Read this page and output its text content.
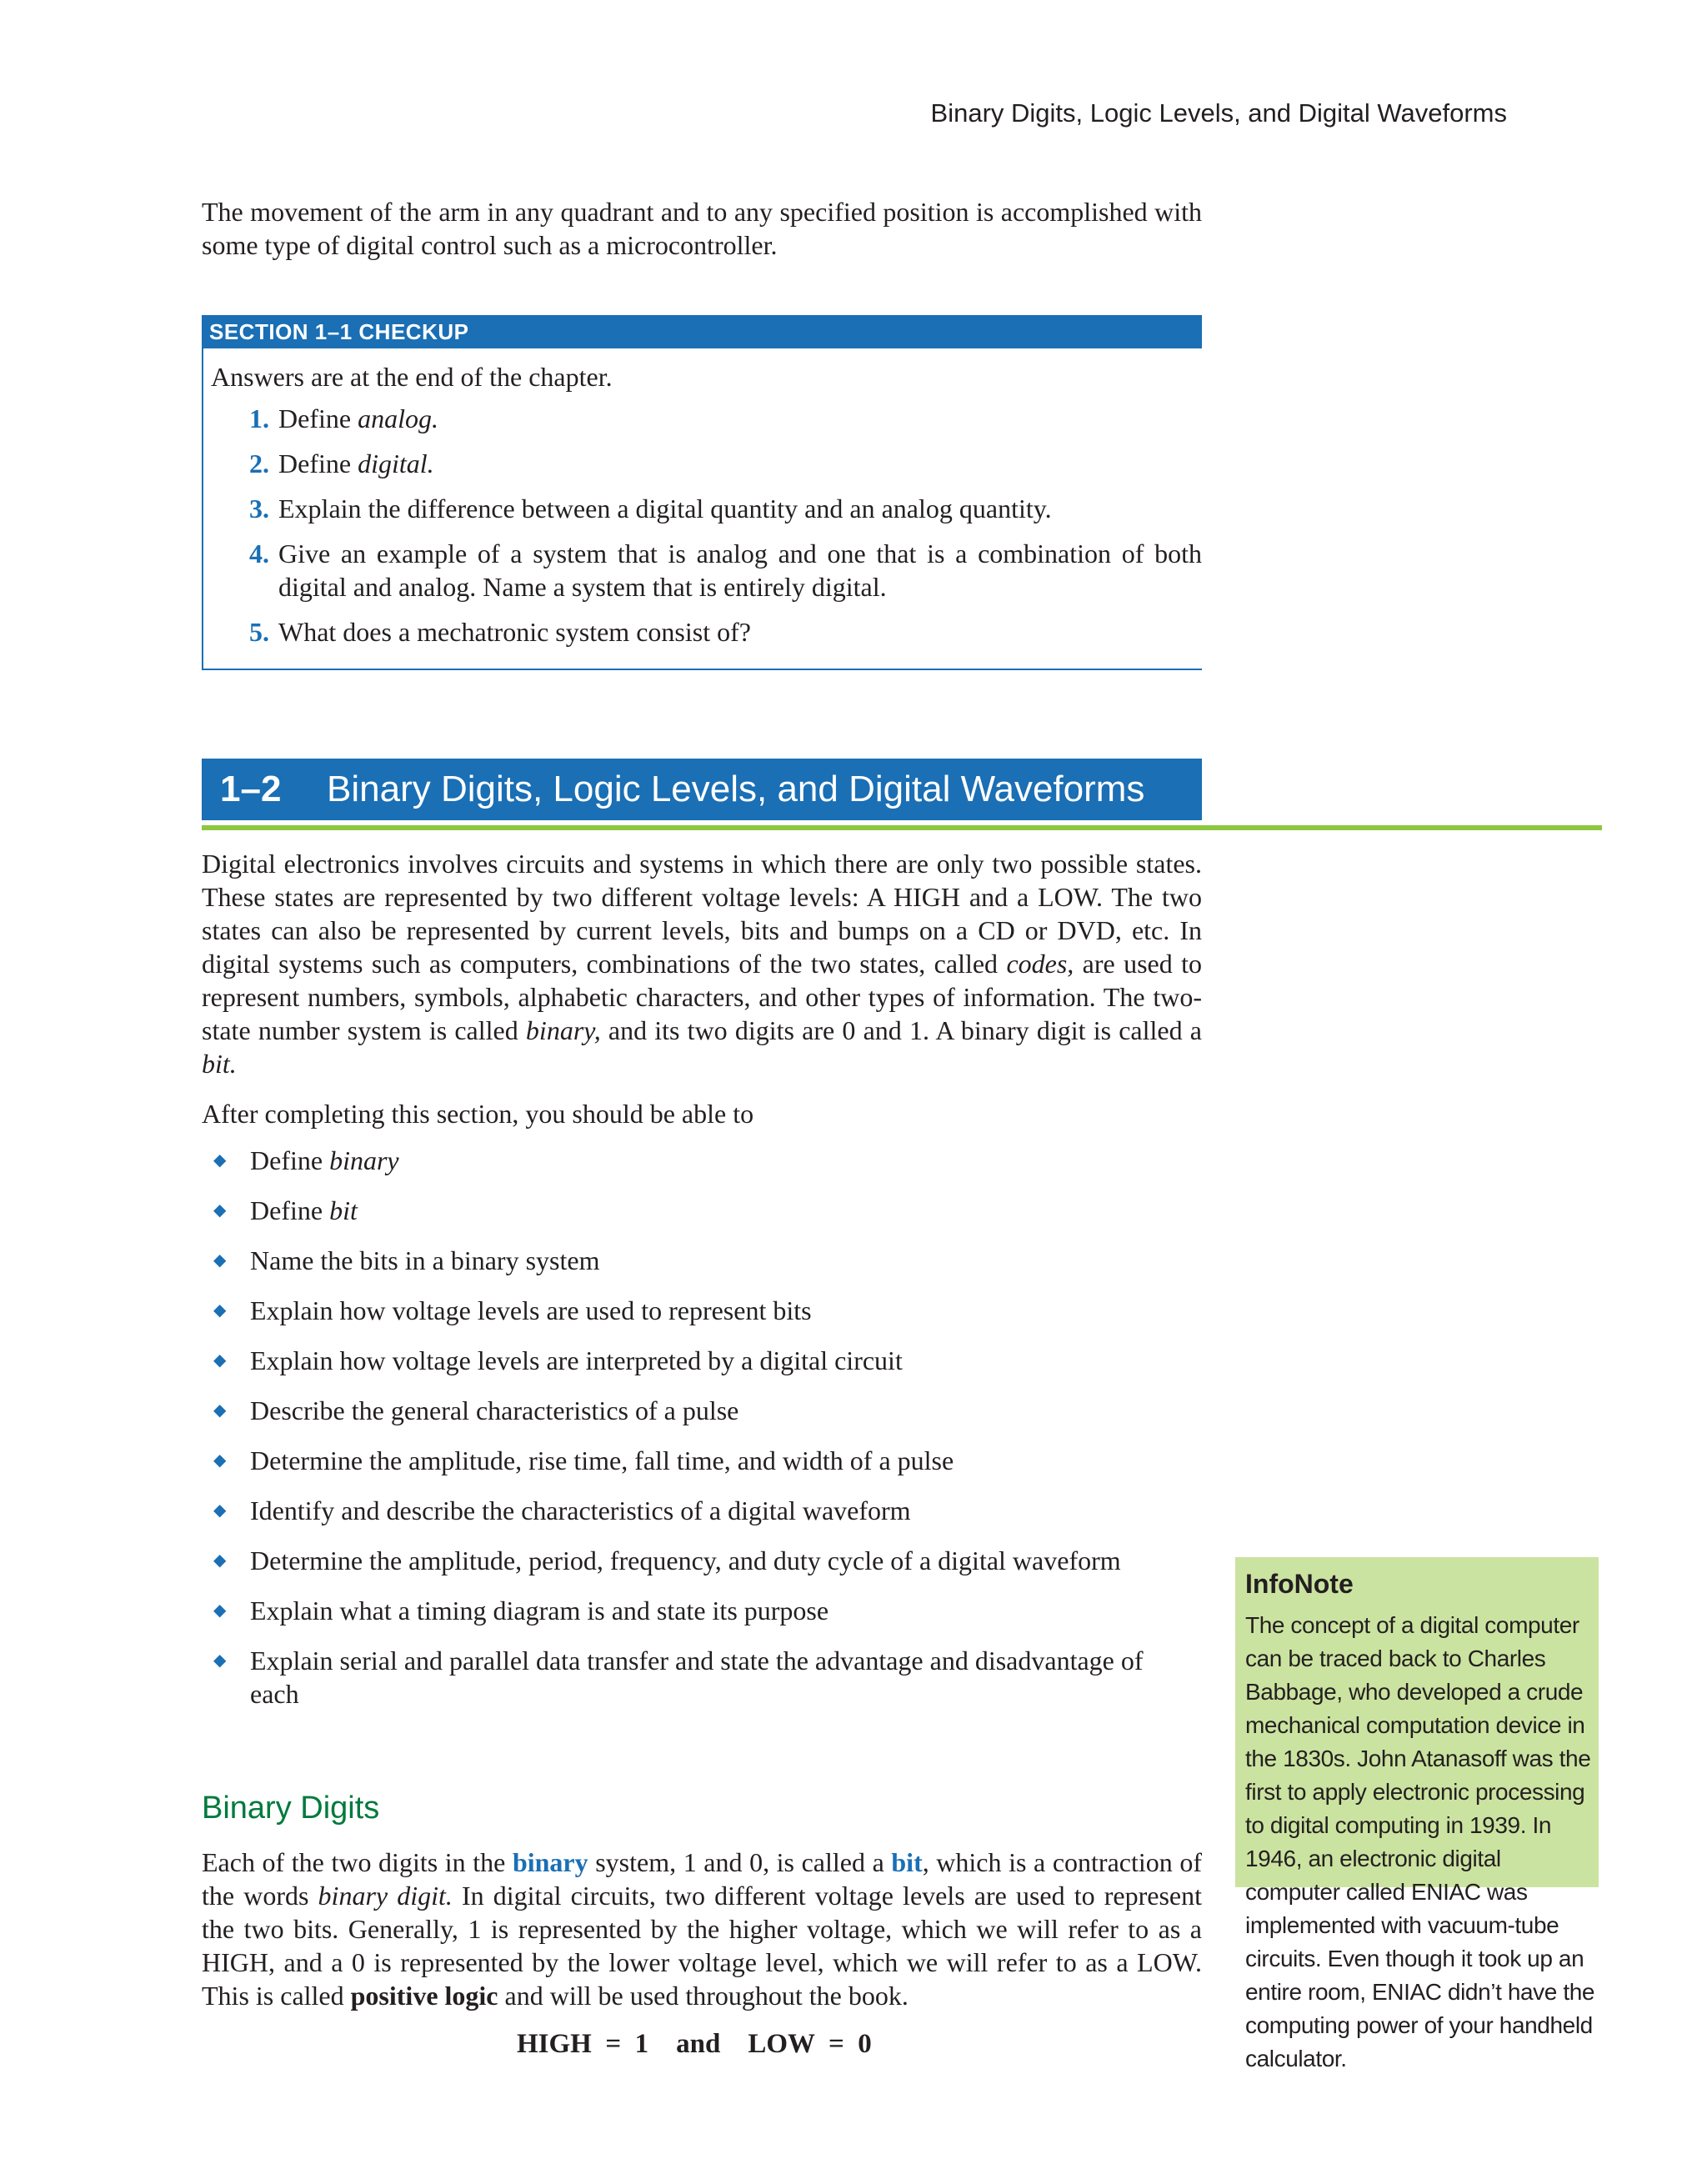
Binary Digits, Logic Levels, and Digital Waveforms

The movement of the arm in any quadrant and to any specified position is accomplished with some type of digital control such as a microcontroller.

SECTION 1–1 CHECKUP

Answers are at the end of the chapter.

1. Define analog.
2. Define digital.
3. Explain the difference between a digital quantity and an analog quantity.
4. Give an example of a system that is analog and one that is a combination of both digital and analog. Name a system that is entirely digital.
5. What does a mechatronic system consist of?
1–2 Binary Digits, Logic Levels, and Digital Waveforms

Digital electronics involves circuits and systems in which there are only two possible states. These states are represented by two different voltage levels: A HIGH and a LOW. The two states can also be represented by current levels, bits and bumps on a CD or DVD, etc. In digital systems such as computers, combinations of the two states, called codes, are used to represent numbers, symbols, alphabetic characters, and other types of information. The two-state number system is called binary, and its two digits are 0 and 1. A binary digit is called a bit.

After completing this section, you should be able to

◆ Define binary
◆ Define bit
◆ Name the bits in a binary system
◆ Explain how voltage levels are used to represent bits
◆ Explain how voltage levels are interpreted by a digital circuit
◆ Describe the general characteristics of a pulse
◆ Determine the amplitude, rise time, fall time, and width of a pulse
◆ Identify and describe the characteristics of a digital waveform
◆ Determine the amplitude, period, frequency, and duty cycle of a digital waveform
◆ Explain what a timing diagram is and state its purpose
◆ Explain serial and parallel data transfer and state the advantage and disadvantage of each
Binary Digits

Each of the two digits in the binary system, 1 and 0, is called a bit, which is a contraction of the words binary digit. In digital circuits, two different voltage levels are used to represent the two bits. Generally, 1 is represented by the higher voltage, which we will refer to as a HIGH, and a 0 is represented by the lower voltage level, which we will refer to as a LOW. This is called positive logic and will be used throughout the book.

HIGH  =  1    and    LOW  =  0

InfoNote

The concept of a digital computer can be traced back to Charles Babbage, who developed a crude mechanical computation device in the 1830s. John Atanasoff was the first to apply electronic processing to digital computing in 1939. In 1946, an electronic digital computer called ENIAC was implemented with vacuum-tube circuits. Even though it took up an entire room, ENIAC didn’t have the computing power of your handheld calculator.
